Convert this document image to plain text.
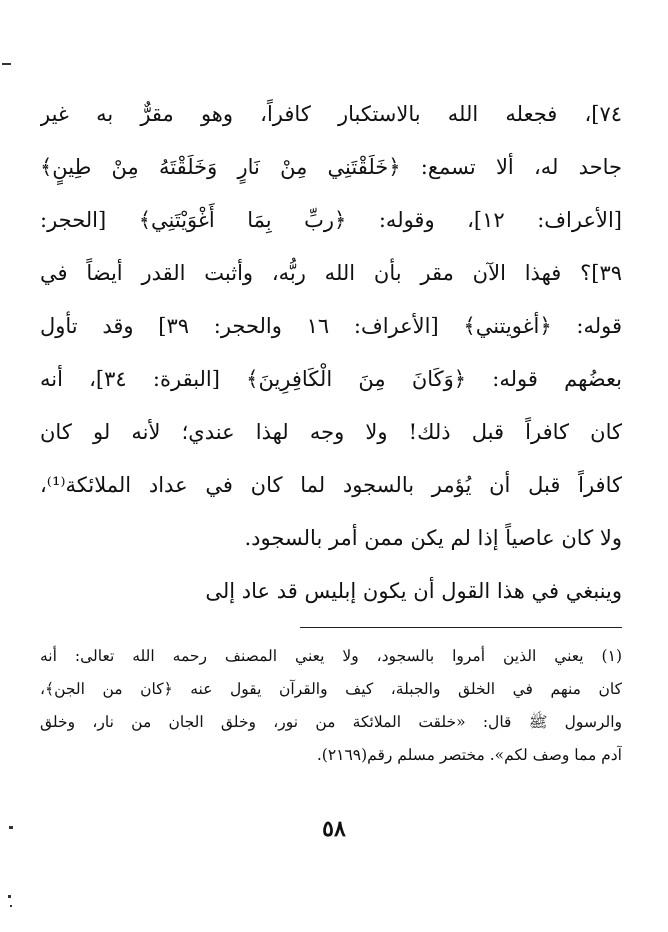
٧٤]، فجعله الله بالاستكبار كافراً، وهو مقرٌّ به غير
جاحد له، ألا تسمع: ﴿خَلَقْتَنِي مِنْ نَارٍ وَخَلَقْتَهُ مِنْ طِينٍ﴾
[الأعراف: ١٢]، وقوله: ﴿ربِّ بِمَا أَغْوَيْتَنِي﴾ [الحجر:
٣٩]؟ فهذا الآن مقر بأن الله ربُّه، وأثبت القدر أيضاً في
قوله: ﴿أغويتني﴾ [الأعراف: ١٦ والحجر: ٣٩] وقد تأول
بعضُهم قوله: ﴿وَكَانَ مِنَ الْكَافِرِينَ﴾ [البقرة: ٣٤]، أنه
كان كافراً قبل ذلك! ولا وجه لهذا عندي؛ لأنه لو كان
كافراً قبل أن يُؤمر بالسجود لما كان في عداد الملائكة⁽¹⁾،
ولا كان عاصياً إذا لم يكن ممن أمر بالسجود.
وينبغي في هذا القول أن يكون إبليس قد عاد إلى
(١) يعني الذين أمروا بالسجود، ولا يعني المصنف رحمه الله تعالى: أنه
كان منهم في الخلق والجبلة، كيف والقرآن يقول عنه ﴿كان من الجن﴾،
والرسول ﷺ قال: «خلقت الملائكة من نور، وخلق الجان من نار، وخلق
آدم مما وصف لكم». مختصر مسلم رقم(٢١٦٩).
٥٨
